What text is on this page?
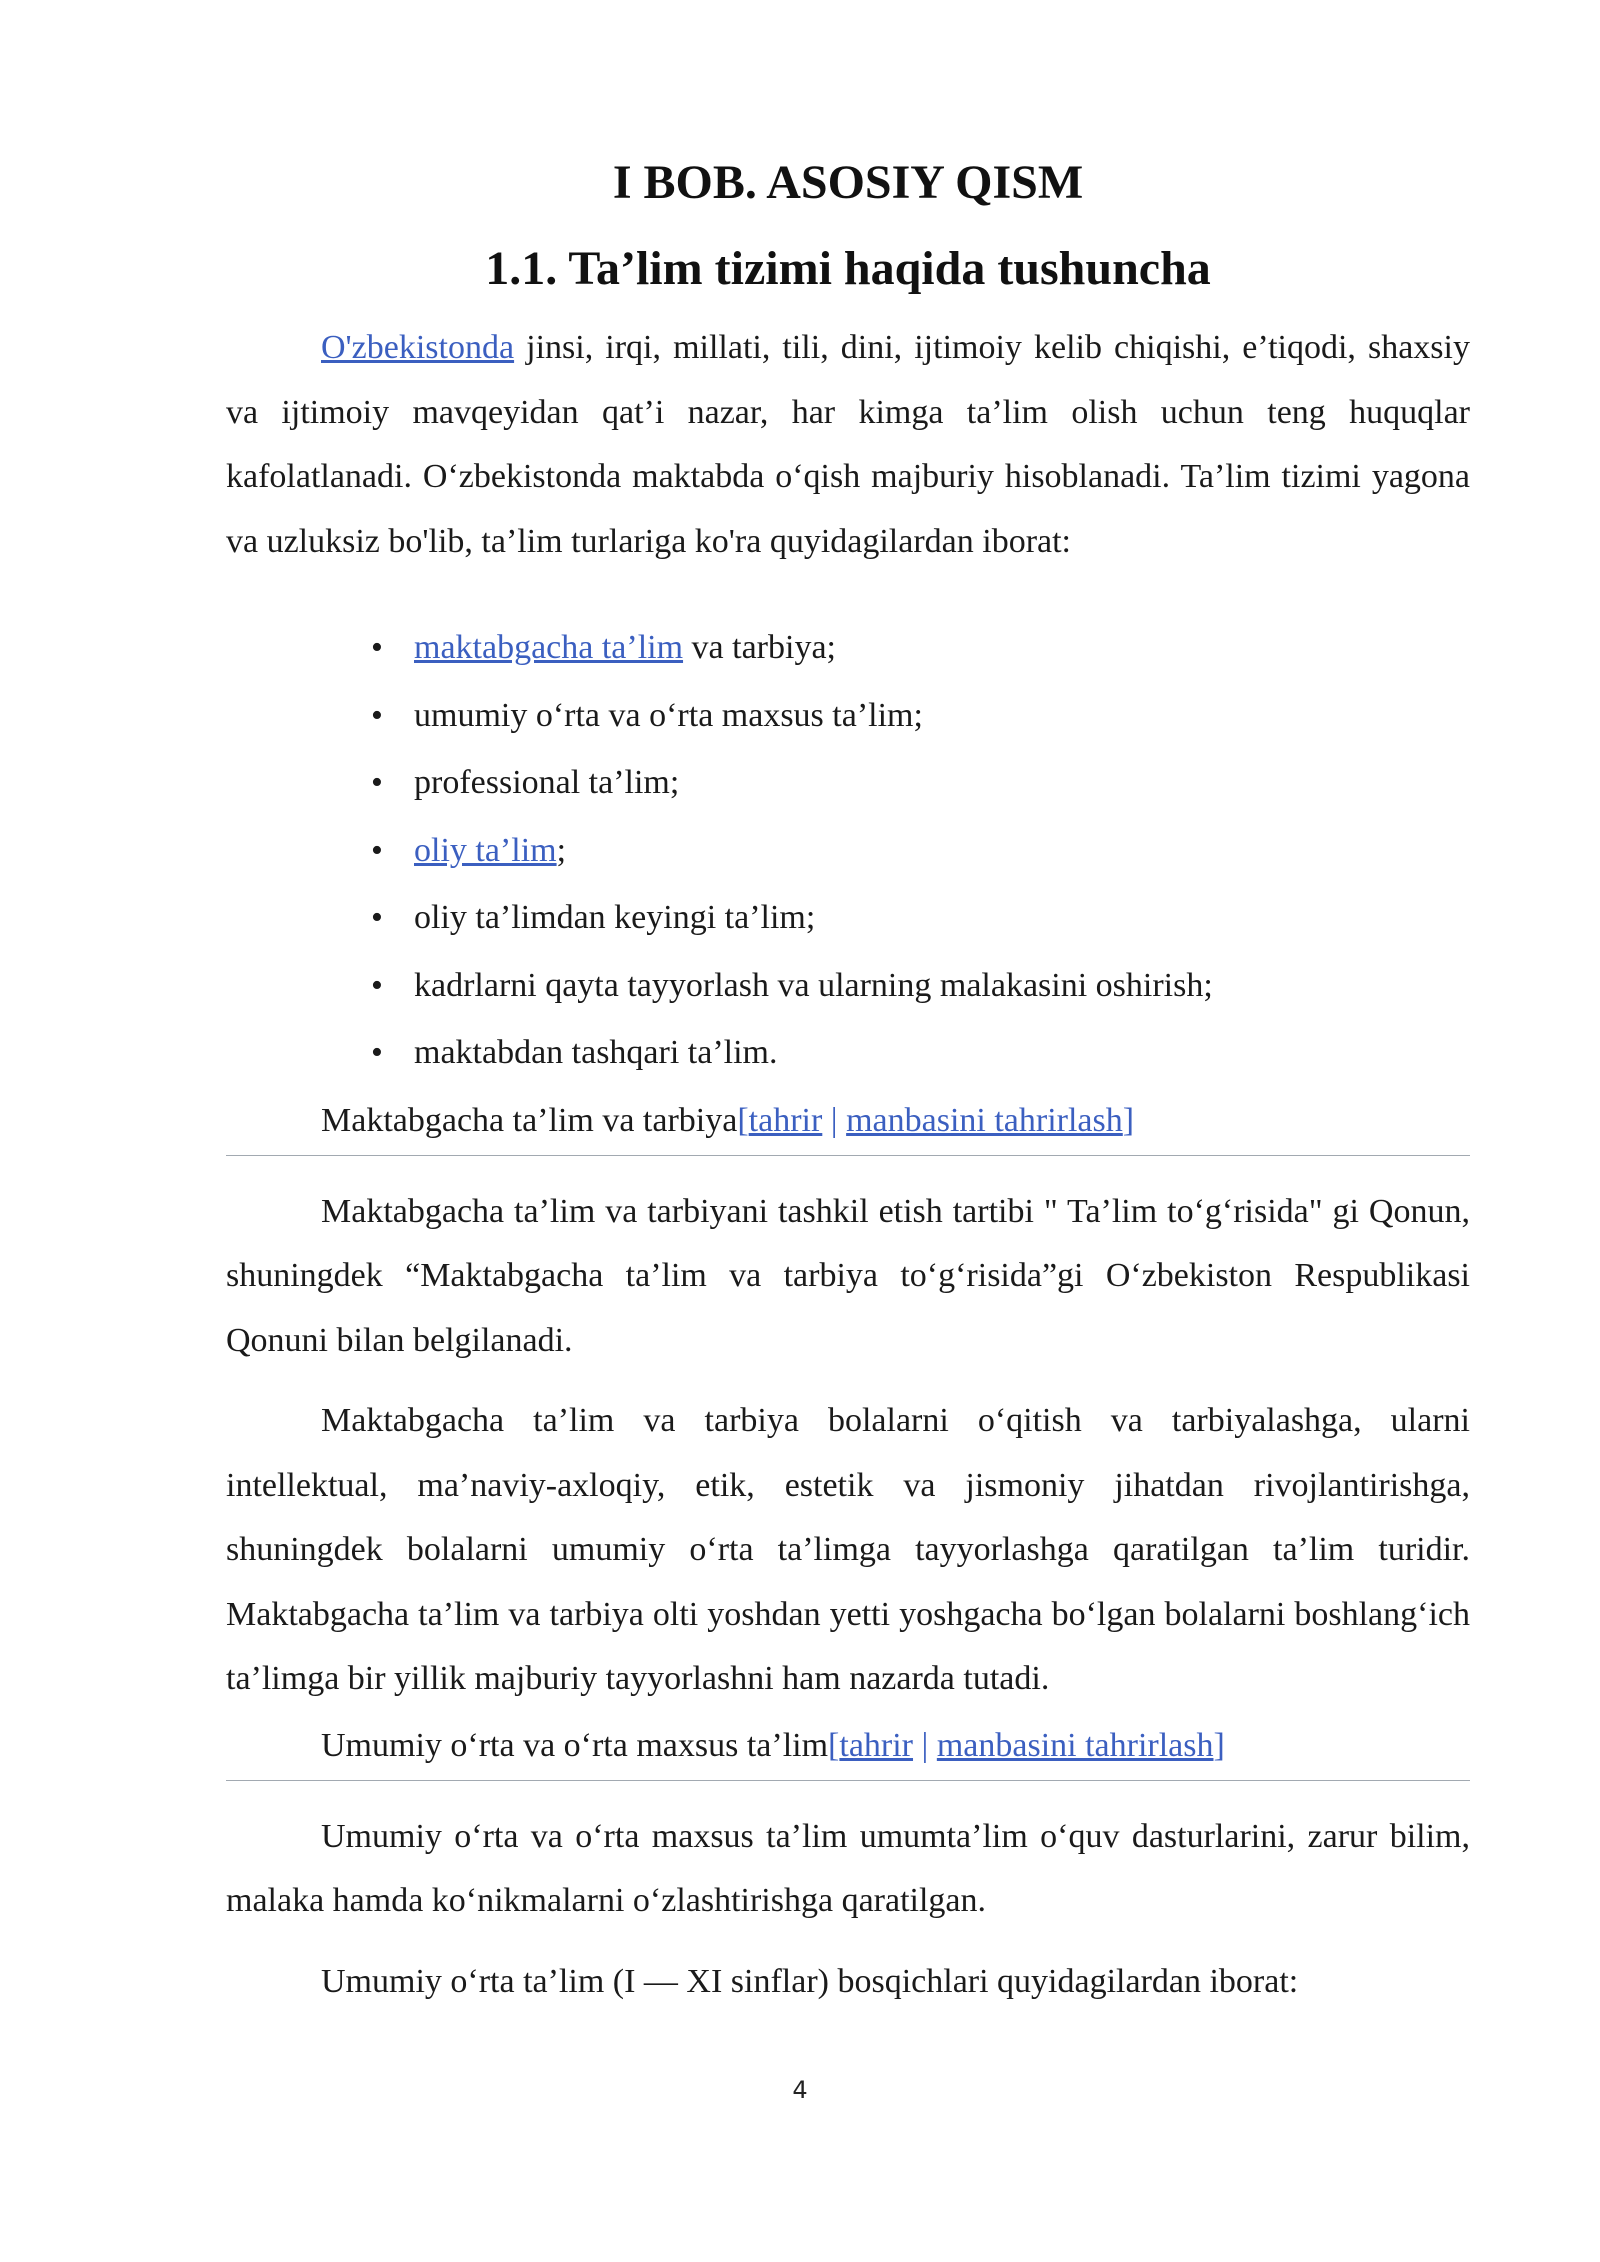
I BOB. ASOSIY QISM
1.1. Ta’lim tizimi haqida tushuncha

O'zbekistonda jinsi, irqi, millati, tili, dini, ijtimoiy kelib chiqishi, e’tiqodi, shaxsiy va ijtimoiy mavqeyidan qat’i nazar, har kimga ta’lim olish uchun teng huquqlar kafolatlanadi. O‘zbekistonda maktabda o‘qish majburiy hisoblanadi. Ta’lim tizimi yagona va uzluksiz bo'lib, ta’lim turlariga ko'ra quyidagilardan iborat:

• maktabgacha ta’lim va tarbiya;
• umumiy o‘rta va o‘rta maxsus ta’lim;
• professional ta’lim;
• oliy ta’lim;
• oliy ta’limdan keyingi ta’lim;
• kadrlarni qayta tayyorlash va ularning malakasini oshirish;
• maktabdan tashqari ta’lim.
Maktabgacha ta’lim va tarbiya[tahrir | manbasini tahrirlash]

Maktabgacha ta’lim va tarbiyani tashkil etish tartibi " Ta’lim to‘g‘risida" gi Qonun, shuningdek “Maktabgacha ta’lim va tarbiya to‘g‘risida”gi O‘zbekiston Respublikasi Qonuni bilan belgilanadi.

Maktabgacha ta’lim va tarbiya bolalarni o‘qitish va tarbiyalashga, ularni intellektual, ma’naviy-axloqiy, etik, estetik va jismoniy jihatdan rivojlantirishga, shuningdek bolalarni umumiy o‘rta ta’limga tayyorlashga qaratilgan ta’lim turidir. Maktabgacha ta’lim va tarbiya olti yoshdan yetti yoshgacha bo‘lgan bolalarni boshlang‘ich ta’limga bir yillik majburiy tayyorlashni ham nazarda tutadi.

Umumiy o‘rta va o‘rta maxsus ta’lim[tahrir | manbasini tahrirlash]

Umumiy o‘rta va o‘rta maxsus ta’lim umumta’lim o‘quv dasturlarini, zarur bilim, malaka hamda ko‘nikmalarni o‘zlashtirishga qaratilgan.

Umumiy o‘rta ta’lim (I — XI sinflar) bosqichlari quyidagilardan iborat:

4
